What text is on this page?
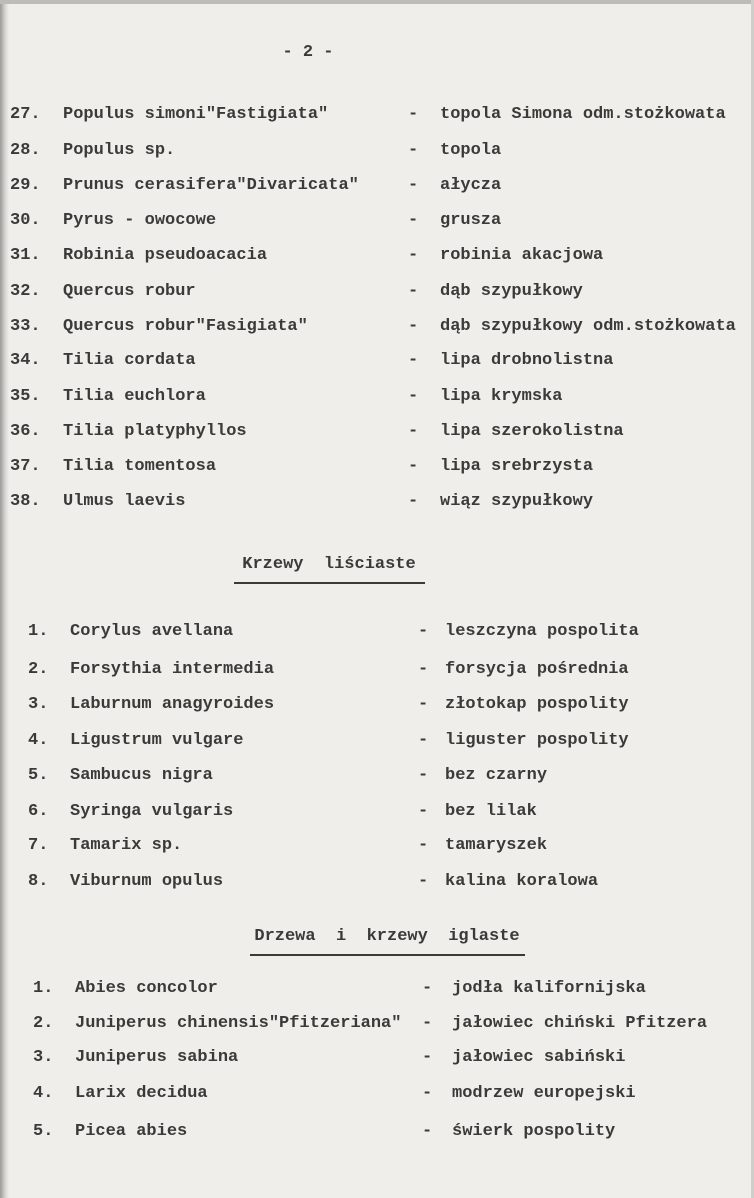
- 2 -
27. Populus simoni"Fastigiata"	- topola Simona odm.stożkowata
28. Populus sp.	- topola
29. Prunus cerasifera"Divaricata"	- ałycza
30. Pyrus - owocowe	- grusza
31. Robinia pseudoacacia	- robinia akacjowa
32. Quercus robur	- dąb szypułkowy
33. Quercus robur"Fasigiata"	- dąb szypułkowy odm.stożkowata
34. Tilia cordata	- lipa drobnolistna
35. Tilia euchlora	- lipa krymska
36. Tilia platyphyllos	- lipa szerokolistna
37. Tilia tomentosa	- lipa srebrzysta
38. Ulmus laevis	- wiąz szypułkowy
Krzewy  liściaste
1. Corylus avellana	- leszczyna pospolita
2. Forsythia intermedia	- forsycja pośrednia
3. Laburnum anagyroides	- złotokap pospolity
4. Ligustrum vulgare	- liguster pospolity
5. Sambucus nigra	- bez czarny
6. Syringa vulgaris	- bez lilak
7. Tamarix sp.	- tamaryszek
8. Viburnum opulus	- kalina koralowa
Drzewa  i  krzewy  iglaste
1. Abies concolor	- jodła kalifornijska
2. Juniperus chinensis"Pfitzeriana" - jałowiec chiński Pfitzera
3. Juniperus sabina	- jałowiec sabiński
4. Larix decidua	- modrzew europejski
5. Picea abies	- świerk pospolity
